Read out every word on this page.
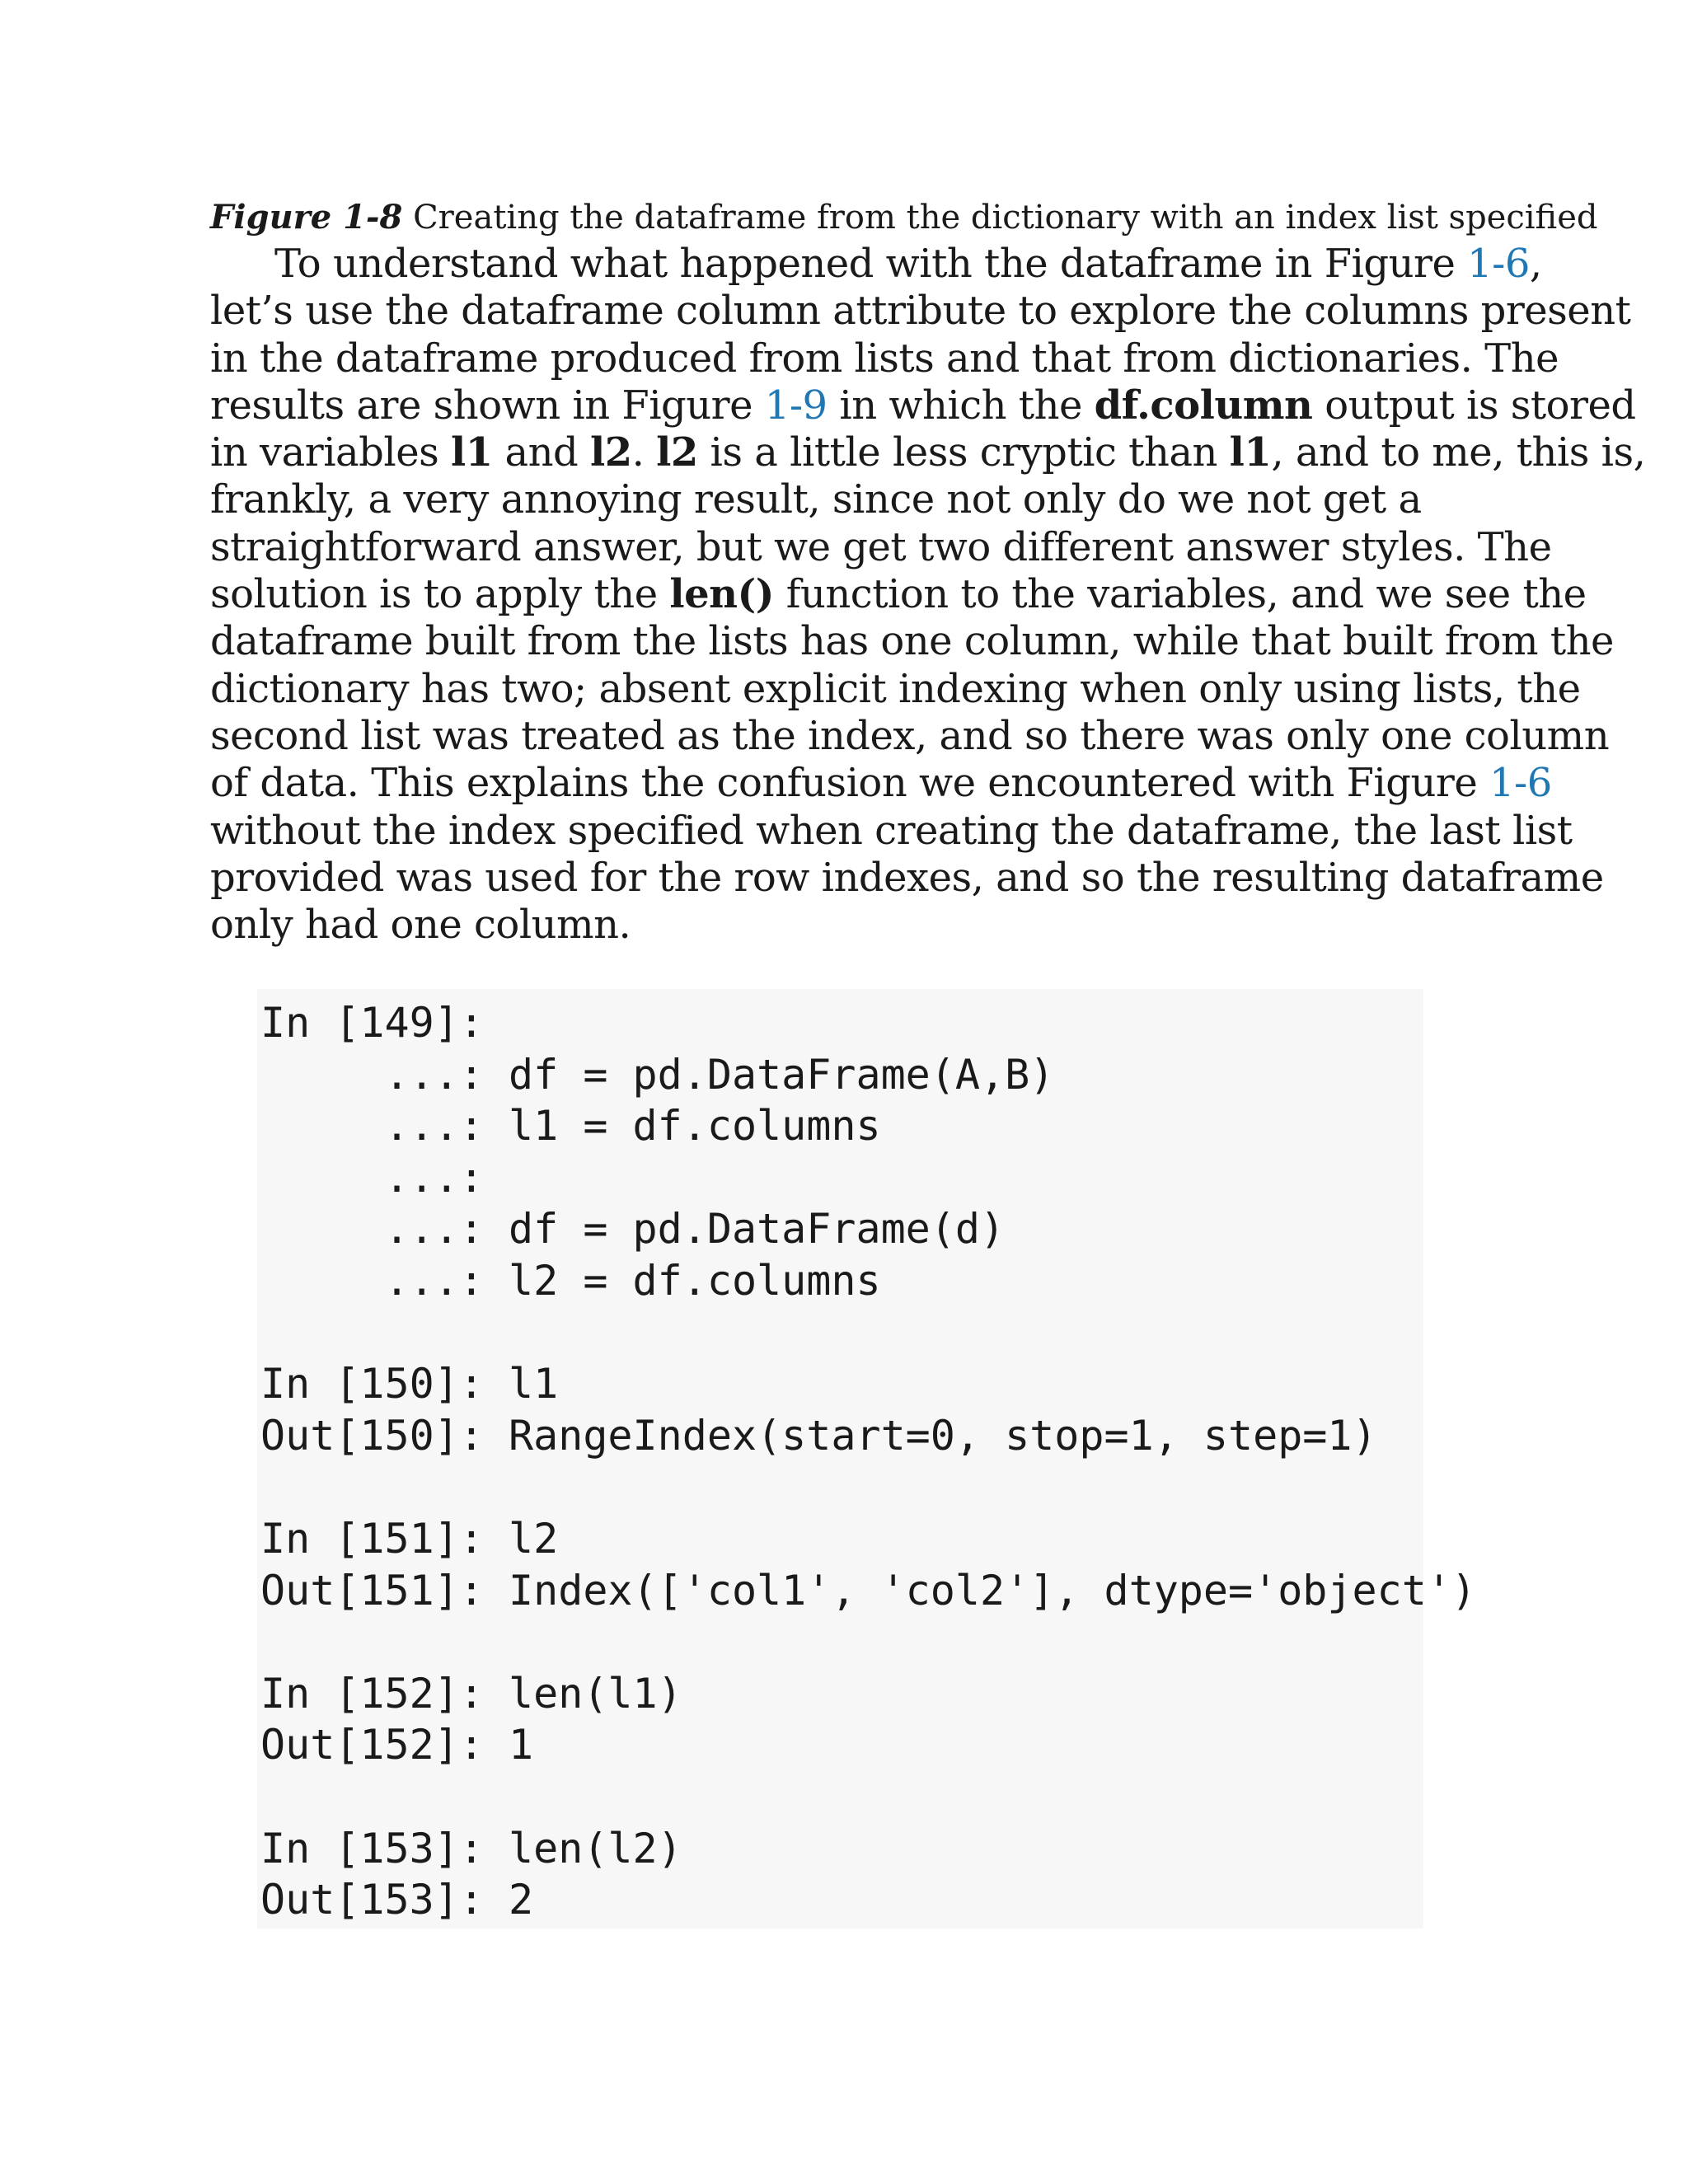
Figure 1-8 Creating the dataframe from the dictionary with an index list specified
To understand what happened with the dataframe in Figure 1-6,
let’s use the dataframe column attribute to explore the columns present
in the dataframe produced from lists and that from dictionaries. The
results are shown in Figure 1-9 in which the df.column output is stored
in variables l1 and l2. l2 is a little less cryptic than l1, and to me, this is,
frankly, a very annoying result, since not only do we not get a
straightforward answer, but we get two different answer styles. The
solution is to apply the len() function to the variables, and we see the
dataframe built from the lists has one column, while that built from the
dictionary has two; absent explicit indexing when only using lists, the
second list was treated as the index, and so there was only one column
of data. This explains the confusion we encountered with Figure 1-6
without the index specified when creating the dataframe, the last list
provided was used for the row indexes, and so the resulting dataframe
only had one column.
In [149]:
...: df = pd.DataFrame(A,B)
...: l1 = df.columns
...:
...: df = pd.DataFrame(d)
...: l2 = df.columns
In [150]: l1
Out[150]: RangeIndex(start=0, stop=1, step=1)
In [151]: l2
Out[151]: Index(['col1', 'col2'], dtype='object')
In [152]: len(l1)
Out[152]: 1
In [153]: len(l2)
Out[153]: 2
